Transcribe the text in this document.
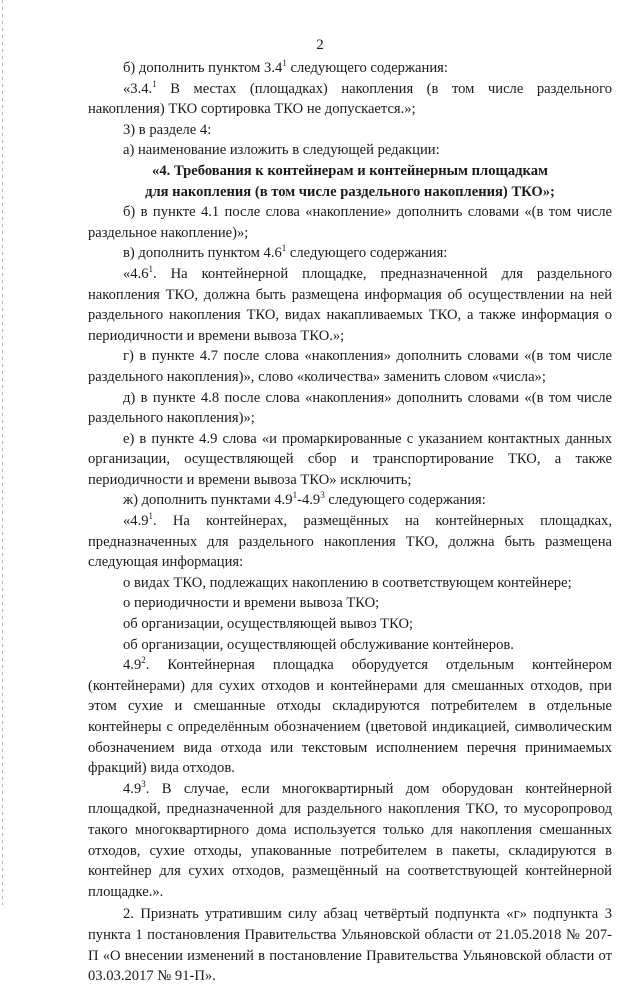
2

б) дополнить пунктом $3.4^1$ следующего содержания:

«3.4.$^1$ В местах (площадках) накопления (в том числе раздельного накопления) ТКО сортировка ТКО не допускается.»;

3) в разделе 4:

а) наименование изложить в следующей редакции:

«4. Требования к контейнерам и контейнерным площадкам
для накопления (в том числе раздельного накопления) ТКО»;

б) в пункте 4.1 после слова «накопление» дополнить словами «(в том числе раздельное накопление)»;

в) дополнить пунктом $4.6^1$ следующего содержания:

«$4.6^1$. На контейнерной площадке, предназначенной для раздельного накопления ТКО, должна быть размещена информация об осуществлении на ней раздельного накопления ТКО, видах накапливаемых ТКО, а также информация о периодичности и времени вывоза ТКО.»;

г) в пункте 4.7 после слова «накопления» дополнить словами «(в том числе раздельного накопления)», слово «количества» заменить словом «числа»;

д) в пункте 4.8 после слова «накопления» дополнить словами «(в том числе раздельного накопления)»;

е) в пункте 4.9 слова «и промаркированные с указанием контактных данных организации, осуществляющей сбор и транспортирование ТКО, а также периодичности и времени вывоза ТКО» исключить;

ж) дополнить пунктами $4.9^1-4.9^3$ следующего содержания:

«$4.9^1$. На контейнерах, размещённых на контейнерных площадках, предназначенных для раздельного накопления ТКО, должна быть размещена следующая информация:

о видах ТКО, подлежащих накоплению в соответствующем контейнере;

о периодичности и времени вывоза ТКО;

об организации, осуществляющей вывоз ТКО;

об организации, осуществляющей обслуживание контейнеров.

$4.9^2$. Контейнерная площадка оборудуется отдельным контейнером (контейнерами) для сухих отходов и контейнерами для смешанных отходов, при этом сухие и смешанные отходы складируются потребителем в отдельные контейнеры с определённым обозначением (цветовой индикацией, символическим обозначением вида отхода или текстовым исполнением перечня принимаемых фракций) вида отходов.

$4.9^3$. В случае, если многоквартирный дом оборудован контейнерной площадкой, предназначенной для раздельного накопления ТКО, то мусоропровод такого многоквартирного дома используется только для накопления смешанных отходов, сухие отходы, упакованные потребителем в пакеты, складируются в контейнер для сухих отходов, размещённый на соответствующей контейнерной площадке.».

2. Признать утратившим силу абзац четвёртый подпункта «г» подпункта 3 пункта 1 постановления Правительства Ульяновской области от 21.05.2018 № 207-П «О внесении изменений в постановление Правительства Ульяновской области от 03.03.2017 № 91-П».
